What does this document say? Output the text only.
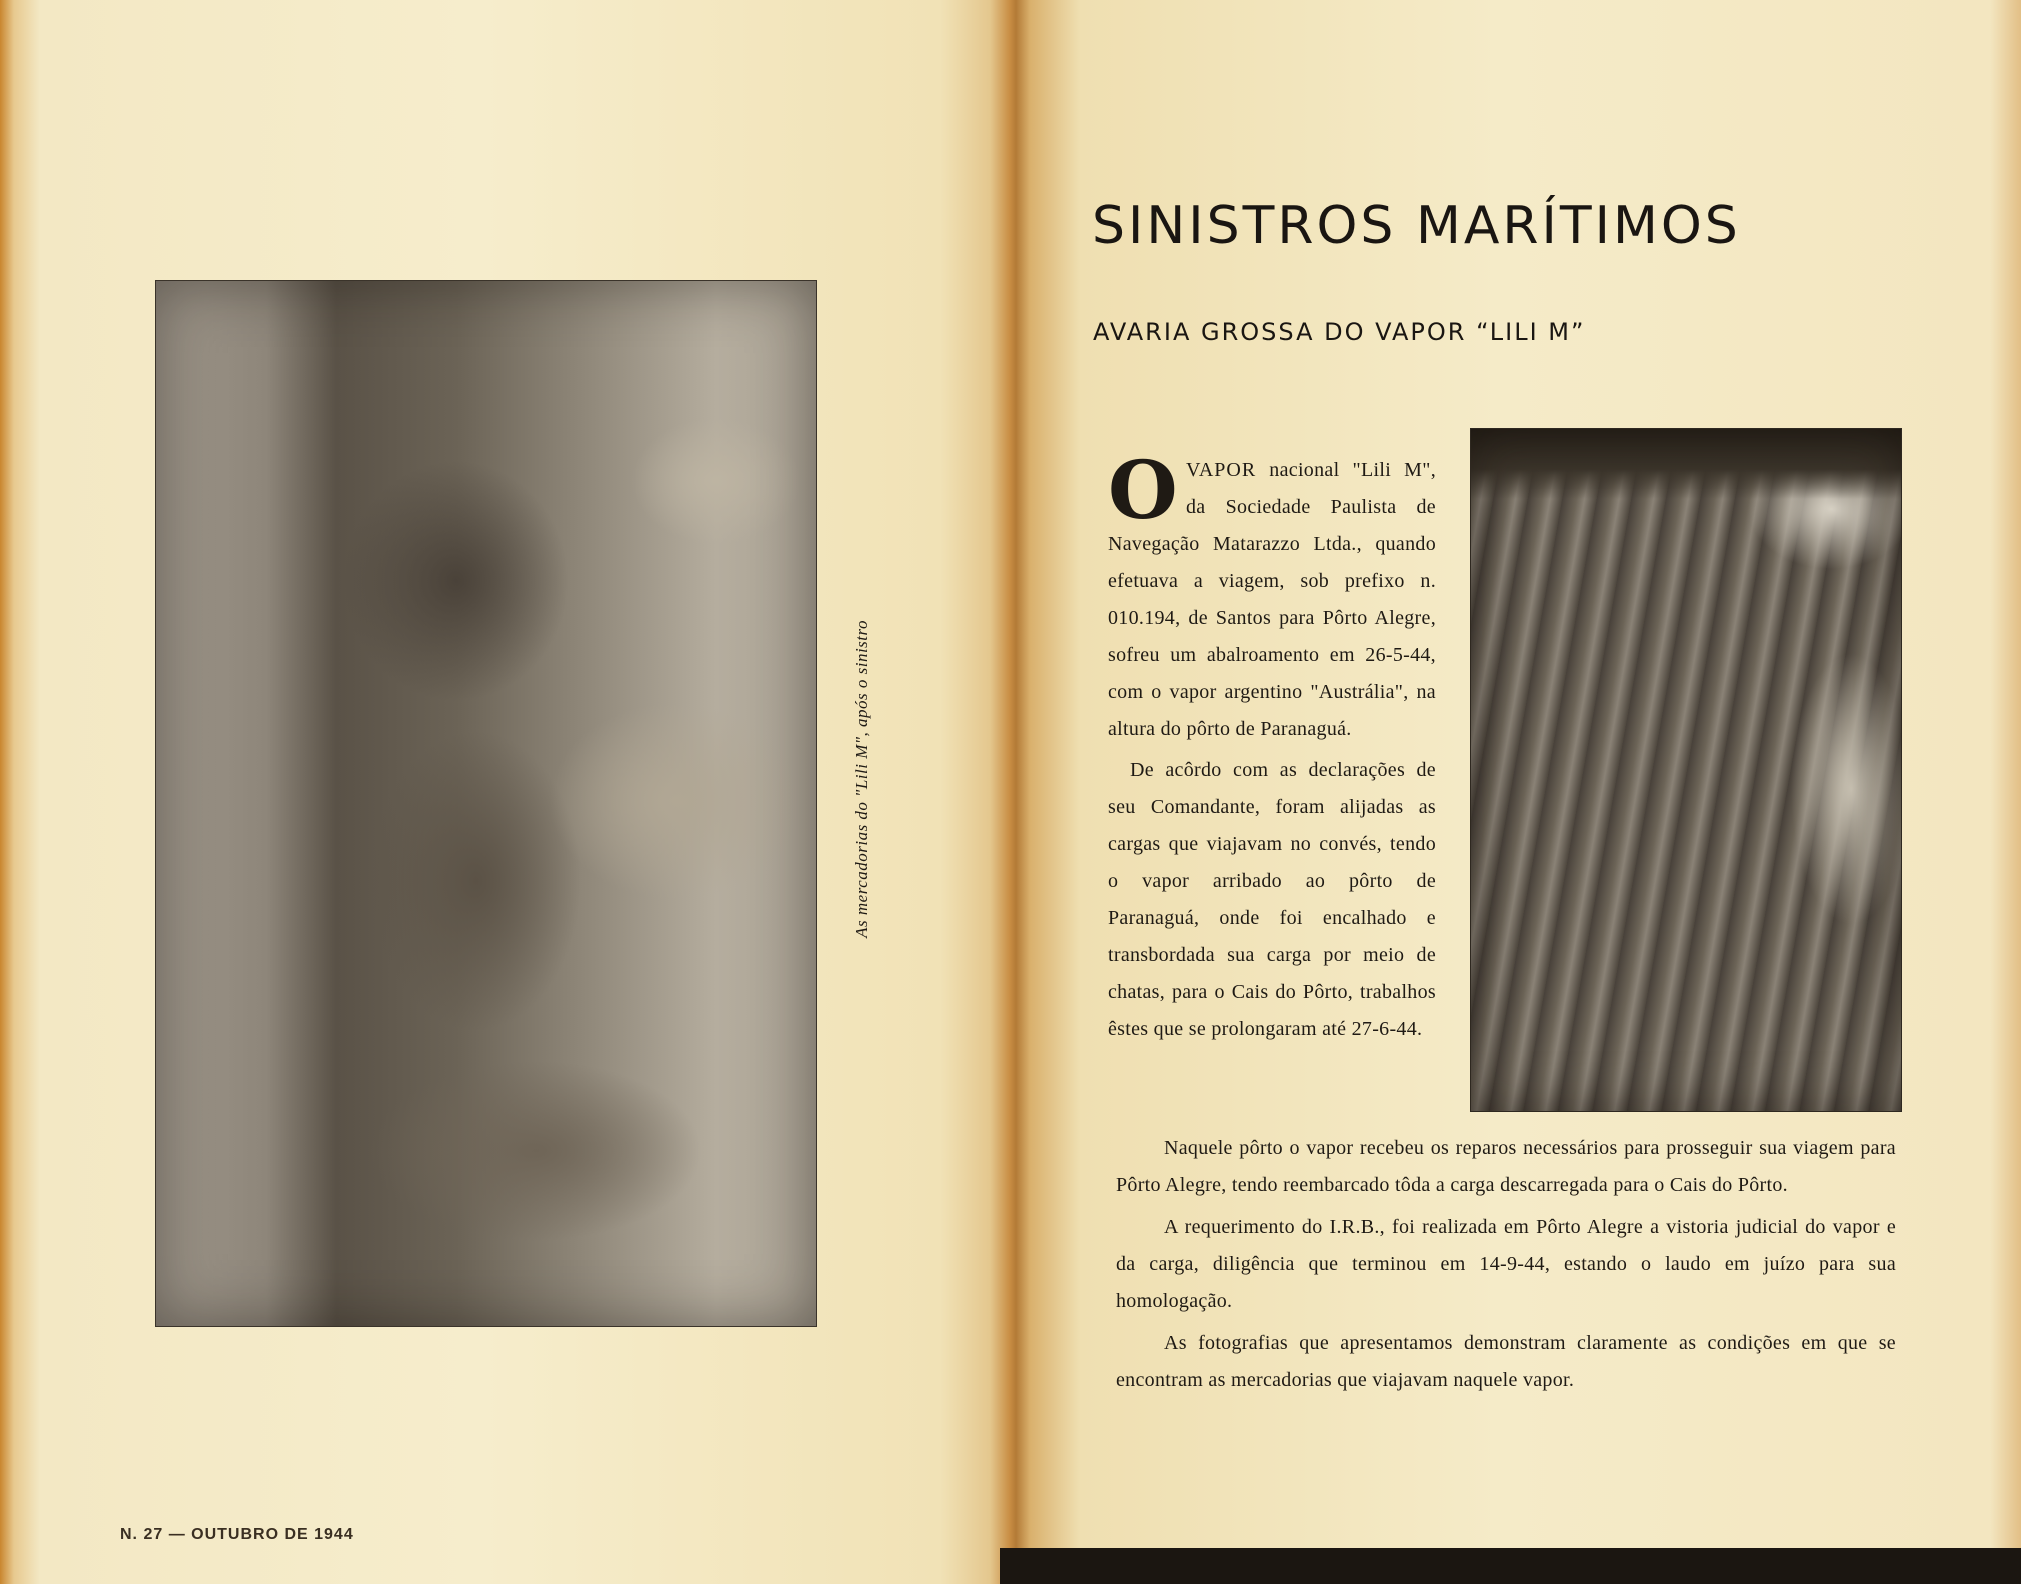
As mercadorias do "Lili M", após o sinistro
N. 27 — OUTUBRO DE 1944
SINISTROS MARÍTIMOS
AVARIA GROSSA DO VAPOR “LILI M”

OVAPOR nacional "Lili M", da Sociedade Paulista de Navegação Matarazzo Ltda., quando efetuava a viagem, sob prefixo n. 010.194, de Santos para Pôrto Alegre, sofreu um abalroamento em 26-5-44, com o vapor argentino "Austrália", na altura do pôrto de Paranaguá.

De acôrdo com as declarações de seu Comandante, foram alijadas as cargas que viajavam no convés, tendo o vapor arribado ao pôrto de Paranaguá, onde foi encalhado e transbordada sua carga por meio de chatas, para o Cais do Pôrto, trabalhos êstes que se prolongaram até 27-6-44.

Naquele pôrto o vapor recebeu os reparos necessários para prosseguir sua viagem para Pôrto Alegre, tendo reembarcado tôda a carga descarregada para o Cais do Pôrto.

A requerimento do I.R.B., foi realizada em Pôrto Alegre a vistoria judicial do vapor e da carga, diligência que terminou em 14-9-44, estando o laudo em juízo para sua homologação.

As fotografias que apresentamos demonstram claramente as condições em que se encontram as mercadorias que viajavam naquele vapor.
